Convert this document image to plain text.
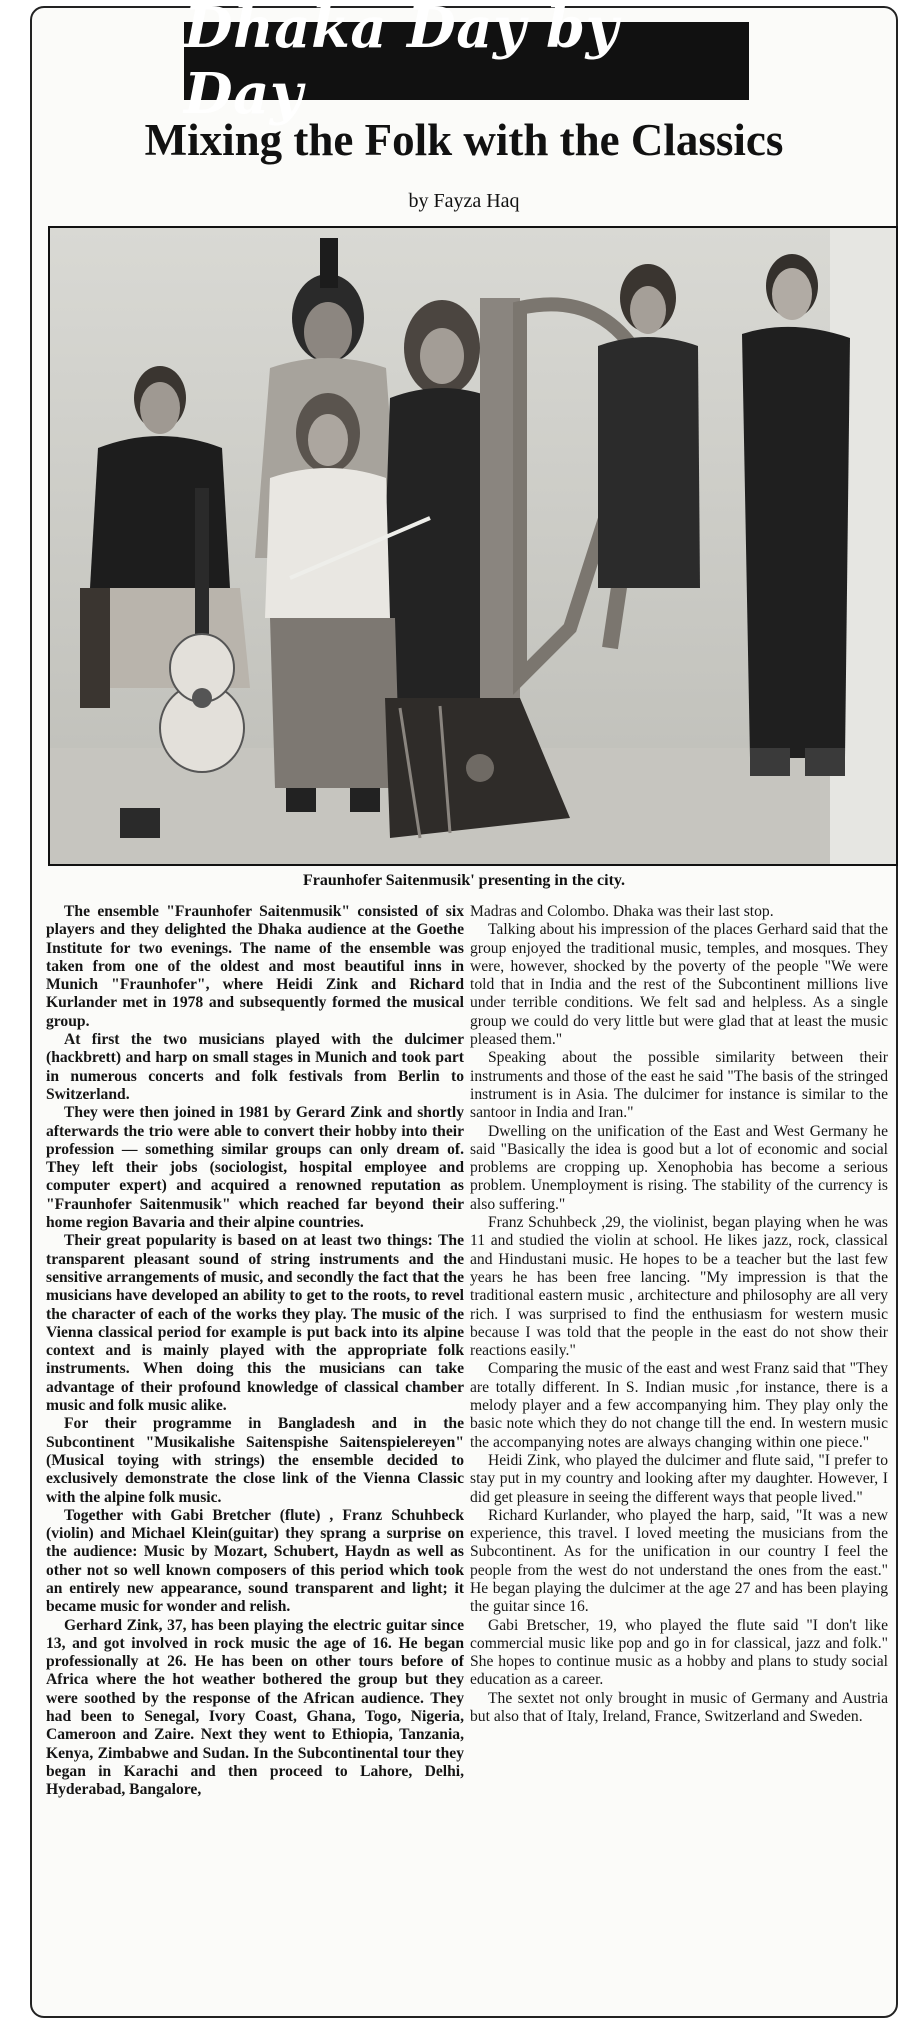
Dhaka Day by Day
Mixing the Folk with the Classics
by Fayza Haq
Fraunhofer Saitenmusik' presenting in the city.

The ensemble "Fraunhofer Saitenmusik" consisted of six players and they delighted the Dhaka audience at the Goethe Institute for two evenings. The name of the ensemble was taken from one of the oldest and most beautiful inns in Munich "Fraunhofer", where Heidi Zink and Richard Kurlander met in 1978 and subsequently formed the musical group.

At first the two musicians played with the dulcimer (hackbrett) and harp on small stages in Munich and took part in numerous concerts and folk festivals from Berlin to Switzerland.

They were then joined in 1981 by Gerard Zink and shortly afterwards the trio were able to convert their hobby into their profession — something similar groups can only dream of. They left their jobs (sociologist, hospital employee and computer expert) and acquired a renowned reputation as "Fraunhofer Saitenmusik" which reached far beyond their home region Bavaria and their alpine countries.

Their great popularity is based on at least two things: The transparent pleasant sound of string instruments and the sensitive arrangements of music, and secondly the fact that the musicians have developed an ability to get to the roots, to revel the character of each of the works they play. The music of the Vienna classical period for example is put back into its alpine context and is mainly played with the appropriate folk instruments. When doing this the musicians can take advantage of their profound knowledge of classical chamber music and folk music alike.

For their programme in Bangladesh and in the Subcontinent "Musikalishe Saitenspishe Saitenspielereyen" (Musical toying with strings) the ensemble decided to exclusively demonstrate the close link of the Vienna Classic with the alpine folk music.

Together with Gabi Bretcher (flute) , Franz Schuhbeck (violin) and Michael Klein(guitar) they sprang a surprise on the audience: Music by Mozart, Schubert, Haydn as well as other not so well known composers of this period which took an entirely new appearance, sound transparent and light; it became music for wonder and relish.

Gerhard Zink, 37, has been playing the electric guitar since 13, and got involved in rock music the age of 16. He began professionally at 26. He has been on other tours before of Africa where the hot weather bothered the group but they were soothed by the response of the African audience. They had been to Senegal, Ivory Coast, Ghana, Togo, Nigeria, Cameroon and Zaire. Next they went to Ethiopia, Tanzania, Kenya, Zimbabwe and Sudan. In the Subcontinental tour they began in Karachi and then proceed to Lahore, Delhi, Hyderabad, Bangalore,

Madras and Colombo. Dhaka was their last stop.

Talking about his impression of the places Gerhard said that the group enjoyed the traditional music, temples, and mosques. They were, however, shocked by the poverty of the people "We were told that in India and the rest of the Subcontinent millions live under terrible conditions. We felt sad and helpless. As a single group we could do very little but were glad that at least the music pleased them."

Speaking about the possible similarity between their instruments and those of the east he said "The basis of the stringed instrument is in Asia. The dulcimer for instance is similar to the santoor in India and Iran."

Dwelling on the unification of the East and West Germany he said "Basically the idea is good but a lot of economic and social problems are cropping up. Xenophobia has become a serious problem. Unemployment is rising. The stability of the currency is also suffering."

Franz Schuhbeck ,29, the violinist, began playing when he was 11 and studied the violin at school. He likes jazz, rock, classical and Hindustani music. He hopes to be a teacher but the last few years he has been free lancing. "My impression is that the traditional eastern music , architecture and philosophy are all very rich. I was surprised to find the enthusiasm for western music because I was told that the people in the east do not show their reactions easily."

Comparing the music of the east and west Franz said that "They are totally different. In S. Indian music ,for instance, there is a melody player and a few accompanying him. They play only the basic note which they do not change till the end. In western music the accompanying notes are always changing within one piece."

Heidi Zink, who played the dulcimer and flute said, "I prefer to stay put in my country and looking after my daughter. However, I did get pleasure in seeing the different ways that people lived."

Richard Kurlander, who played the harp, said, "It was a new experience, this travel. I loved meeting the musicians from the Subcontinent. As for the unification in our country I feel the people from the west do not understand the ones from the east." He began playing the dulcimer at the age 27 and has been playing the guitar since 16.

Gabi Bretscher, 19, who played the flute said "I don't like commercial music like pop and go in for classical, jazz and folk." She hopes to continue music as a hobby and plans to study social education as a career.

The sextet not only brought in music of Germany and Austria but also that of Italy, Ireland, France, Switzerland and Sweden.
